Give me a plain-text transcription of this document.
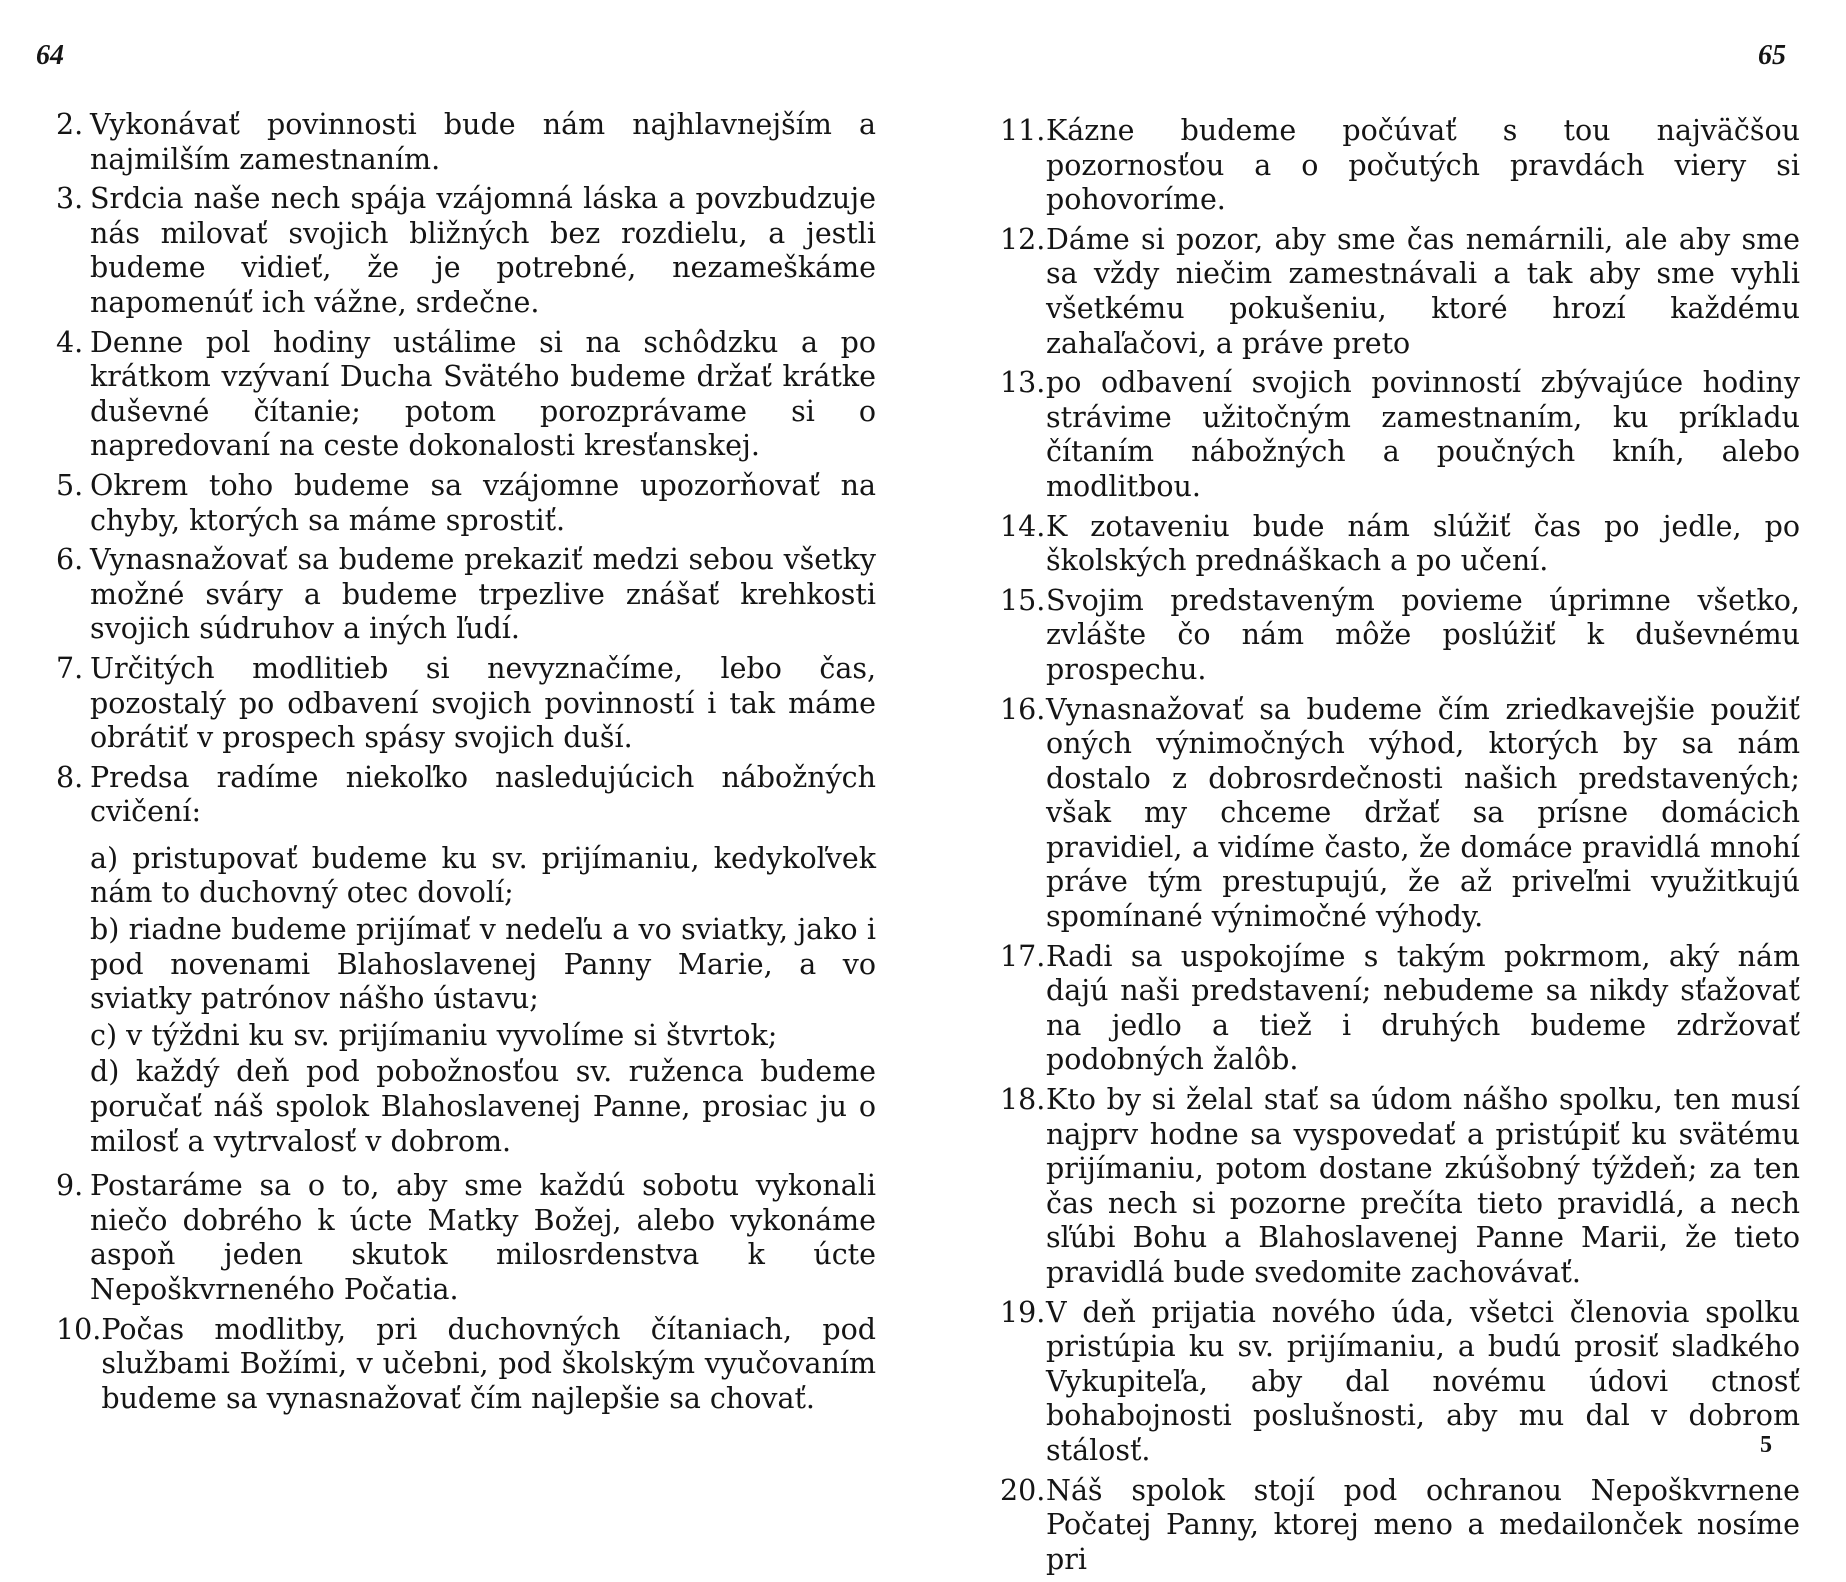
64	65
2. Vykonávať povinnosti bude nám najhlavnejším a najmilším zamestnaním.
3. Srdcia naše nech spája vzájomná láska a povzbudzuje nás milovať svojich bližných bez rozdielu, a jestli budeme vidieť, že je potrebné, nezameškáme napomenúť ich vážne, srdečne.
4. Denne pol hodiny ustálime si na schôdzku a po krátkom vzývaní Ducha Svätého budeme držať krátke duševné čítanie; potom porozprávame si o napredovaní na ceste dokonalosti kresťanskej.
5. Okrem toho budeme sa vzájomne upozorňovať na chyby, ktorých sa máme sprostiť.
6. Vynasnažovať sa budeme prekaziť medzi sebou všetky možné sváry a budeme trpezlive znášať krehkosti svojich súdruhov a iných ľudí.
7. Určitých modlitieb si nevyznačíme, lebo čas, pozostalý po odbavení svojich povinností i tak máme obrátiť v prospech spásy svojich duší.
8. Predsa radíme niekoľko nasledujúcich nábožných cvičení:
a) pristupovať budeme ku sv. prijímaniu, kedykoľvek nám to duchovný otec dovolí;
b) riadne budeme prijímať v nedeľu a vo sviatky, jako i pod novenami Blahoslavenej Panny Marie, a vo sviatky patrónov nášho ústavu;
c) v týždni ku sv. prijímaniu vyvolíme si štvrtok;
d) každý deň pod pobožnosťou sv. ruženca budeme poručať náš spolok Blahoslavenej Panne, prosiac ju o milosť a vytrvalosť v dobrom.
9. Postaráme sa o to, aby sme každú sobotu vykonali niečo dobrého k úcte Matky Božej, alebo vykonáme aspoň jeden skutok milosrdenstva k úcte Nepoškvrneného Počatia.
10. Počas modlitby, pri duchovných čítaniach, pod službami Božími, v učebni, pod školským vyučovaním budeme sa vynasnažovať čím najlepšie sa chovať.
11. Kázne budeme počúvať s tou najväčšou pozornosťou a o počutých pravdách viery si pohovoríme.
12. Dáme si pozor, aby sme čas nemárnili, ale aby sme sa vždy niečim zamestnávali a tak aby sme vyhli všetkému pokušeniu, ktoré hrozí každému zahaľačovi, a práve preto
13. po odbavení svojich povinností zbývajúce hodiny strávime užitočným zamestnaním, ku príkladu čítaním nábožných a poučných kníh, alebo modlitbou.
14. K zotaveniu bude nám slúžiť čas po jedle, po školských prednáškach a po učení.
15. Svojim predstaveným povieme úprimne všetko, zvlášte čo nám môže poslúžiť k duševnému prospechu.
16. Vynasnažovať sa budeme čím zriedkavejšie použiť oných výnimočných výhod, ktorých by sa nám dostalo z dobrosrdečnosti našich predstavených; však my chceme držať sa prísne domácich pravidiel, a vidíme často, že domáce pravidlá mnohí práve tým prestupujú, že až priveľmi využitkujú spomínané výnimočné výhody.
17. Radi sa uspokojíme s takým pokrmom, aký nám dajú naši predstavení; nebudeme sa nikdy sťažovať na jedlo a tiež i druhých budeme zdržovať podobných žalôb.
18. Kto by si želal stať sa údom nášho spolku, ten musí najprv hodne sa vyspovedať a pristúpiť ku svätému prijímaniu, potom dostane zkúšobný týždeň; za ten čas nech si pozorne prečíta tieto pravidlá, a nech sľúbi Bohu a Blahoslavenej Panne Marii, že tieto pravidlá bude svedomite zachovávať.
19. V deň prijatia nového úda, všetci členovia spolku pristúpia ku sv. prijímaniu, a budú prosiť sladkého Vykupiteľa, aby dal novému údovi ctnosť bohabojnosti poslušnosti, aby mu dal v dobrom stálosť.
20. Náš spolok stojí pod ochranou Nepoškvrnene Počatej Panny, ktorej meno a medailonček nosíme pri
5
